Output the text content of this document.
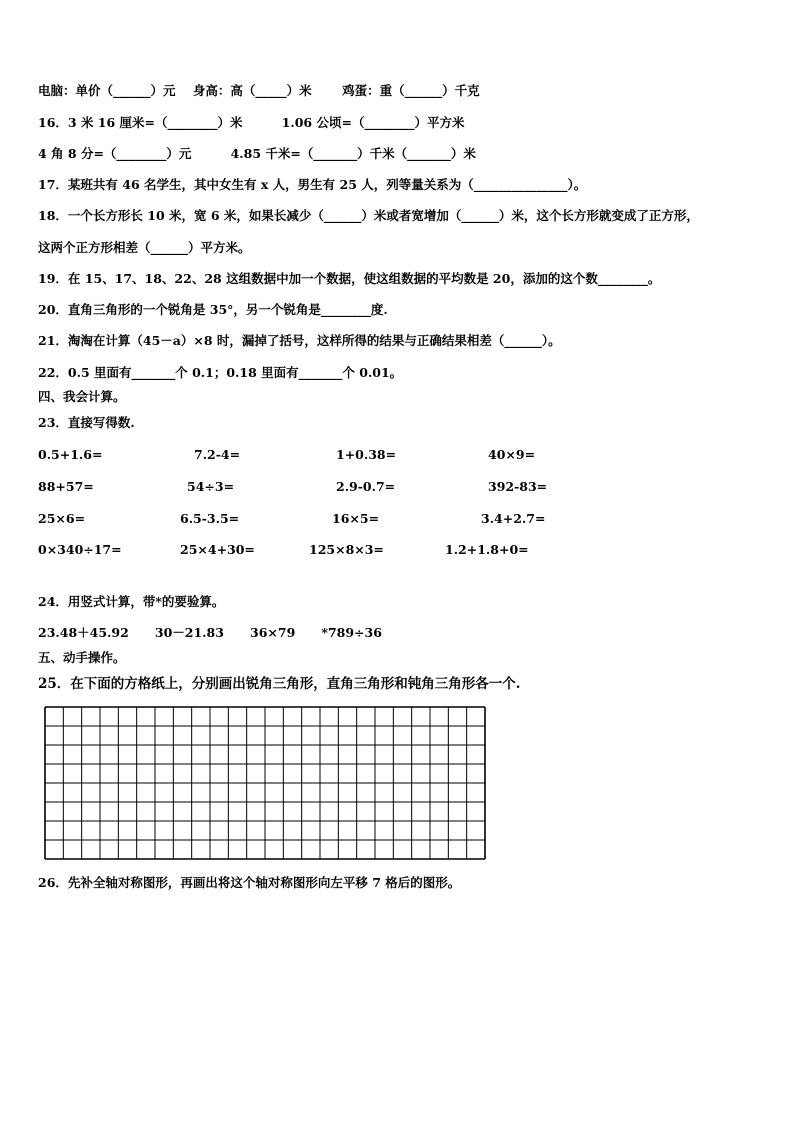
电脑：单价（______）元    身高：高（_____）米       鸡蛋：重（______）千克
16．3 米 16 厘米=（________）米         1.06 公顷=（________）平方米
4 角 8 分=（________）元         4.85 千米=（_______）千米（_______）米
17．某班共有 46 名学生，其中女生有 x 人，男生有 25 人，列等量关系为（_______________）。
18．一个长方形长 10 米，宽 6 米，如果长减少（______）米或者宽增加（______）米，这个长方形就变成了正方形，
这两个正方形相差（______）平方米。
19．在 15、17、18、22、28 这组数据中加一个数据，使这组数据的平均数是 20，添加的这个数________。
20．直角三角形的一个锐角是 35°，另一个锐角是________度.
21．淘淘在计算（45－a）×8 时，漏掉了括号，这样所得的结果与正确结果相差（______）。
22．0.5 里面有_______个 0.1；0.18 里面有_______个 0.01。
四、我会计算。
23．直接写得数.
0.5+1.6=	7.2-4=	1+0.38=	40×9=
88+57=	54÷3=	2.9-0.7=	392-83=
25×6=	6.5-3.5=	16×5=	3.4+2.7=
0×340÷17=	25×4+30=	125×8×3=	1.2+1.8+0=
24．用竖式计算，带*的要验算。
23.48＋45.92      30－21.83      36×79      *789÷36
五、动手操作。
25．在下面的方格纸上，分别画出锐角三角形，直角三角形和钝角三角形各一个.
26．先补全轴对称图形，再画出将这个轴对称图形向左平移 7 格后的图形。
